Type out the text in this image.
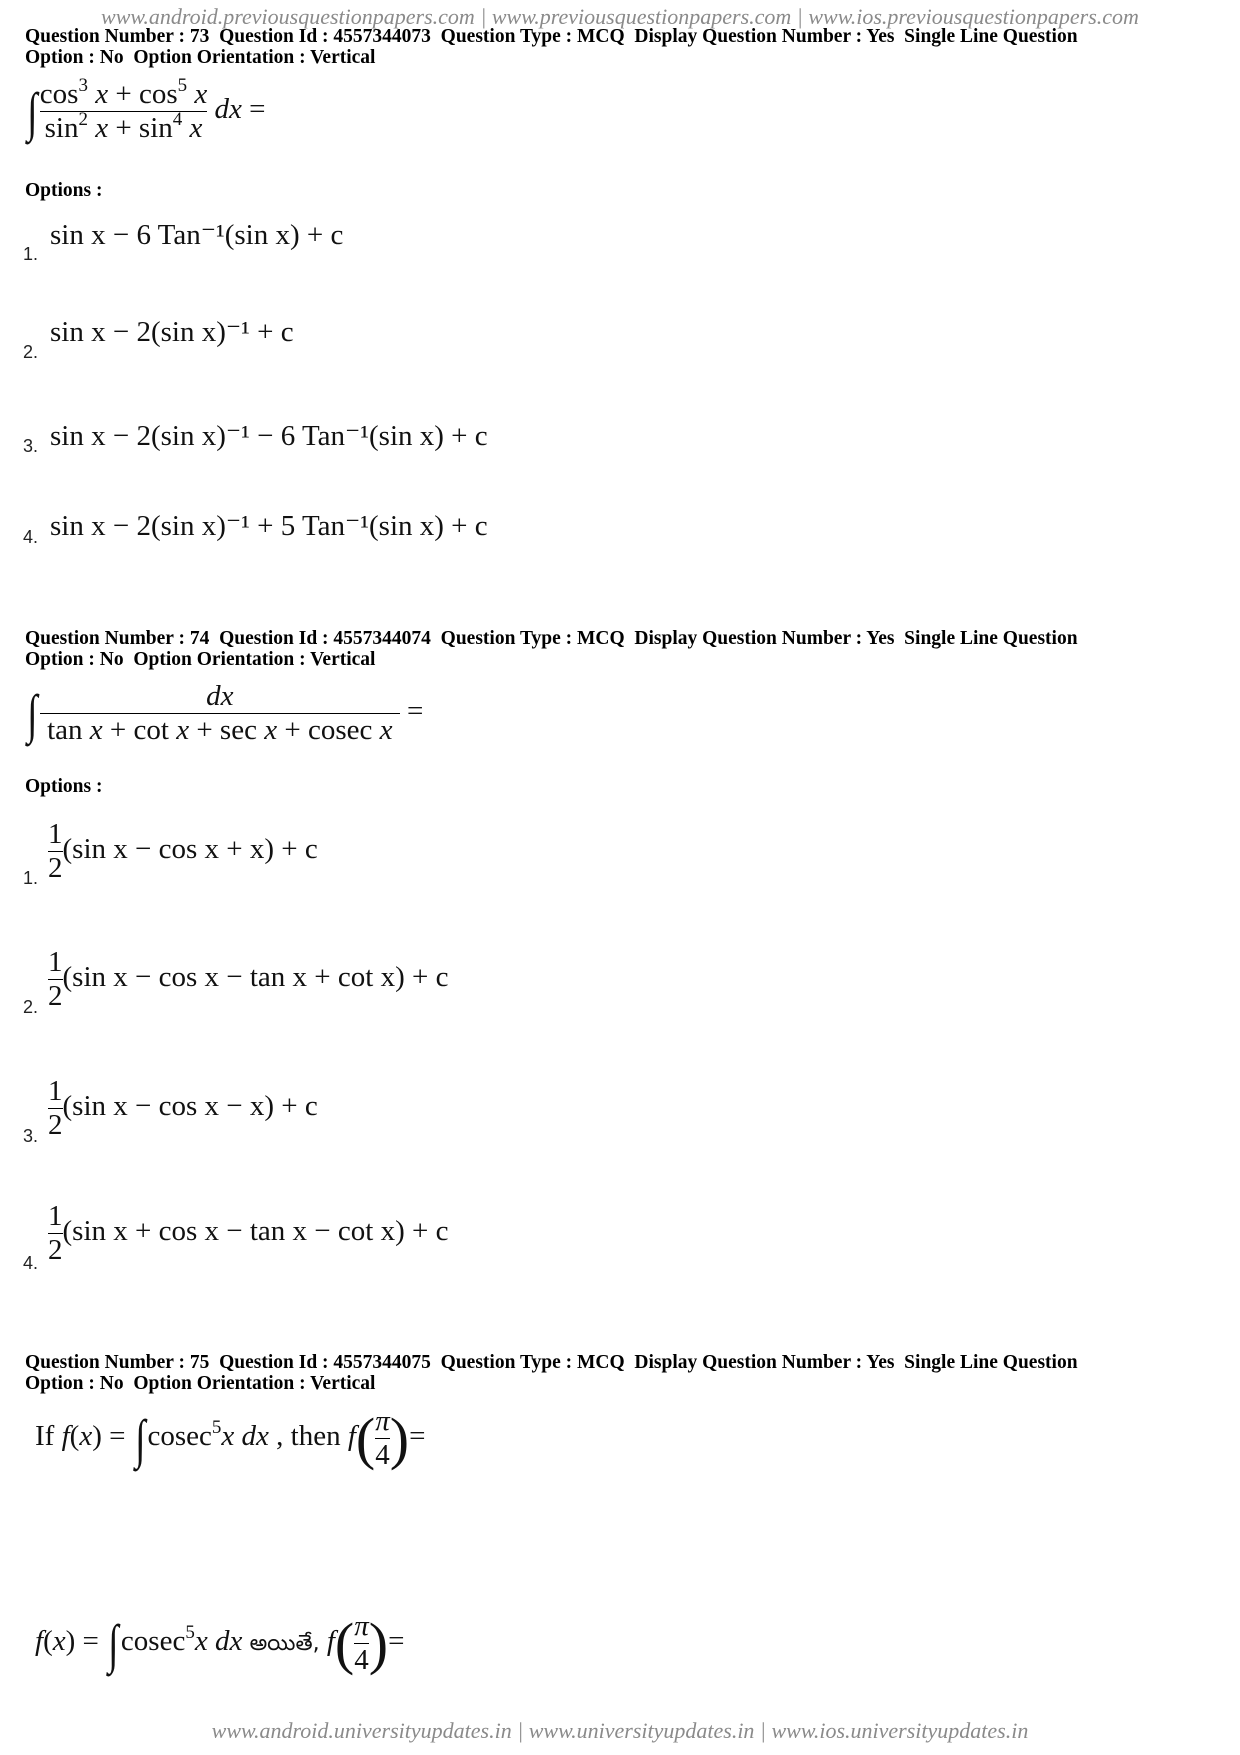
www.android.previousquestionpapers.com | www.previousquestionpapers.com | www.ios.previousquestionpapers.com
Question Number : 73  Question Id : 4557344073  Question Type : MCQ  Display Question Number : Yes  Single Line Question
Option : No  Option Orientation : Vertical
∫ $\frac{\cos^3 x + \cos^5 x}{\sin^2 x + \sin^4 x}$ dx =
Options :
1.
sin x − 6 Tan⁻¹(sin x) + c
2.
sin x − 2(sin x)⁻¹ + c
3. sin x − 2(sin x)⁻¹ − 6 Tan⁻¹(sin x) + c
4. sin x − 2(sin x)⁻¹ + 5 Tan⁻¹(sin x) + c
Question Number : 74  Question Id : 4557344074  Question Type : MCQ  Display Question Number : Yes  Single Line Question
Option : No  Option Orientation : Vertical
∫ $\frac{dx}{\text{tan x + cot x + sec x + cosec x}}$ =
Options :
1. $\frac{1}{2} (\sin$ x − cos x + x) + c
2. $\frac{1}{2} (\sin$ x − cos x − tan x + cot x) + c
3. $\frac{1}{2} (\sin$ x − cos x − x) + c
4. $\frac{1}{2} (\sin$ x + cos x − tan x − cot x) + c
Question Number : 75  Question Id : 4557344075  Question Type : MCQ  Display Question Number : Yes  Single Line Question
Option : No  Option Orientation : Vertical
If f(x) = ∫cosec$^5$x dx , then $f( \frac{\pi}{4}$ )=
f(x) = ∫cosec$^5$x dx అయితే, $f( \frac{\pi}{4}$ )=
www.android.universityupdates.in | www.universityupdates.in | www.ios.universityupdates.in
